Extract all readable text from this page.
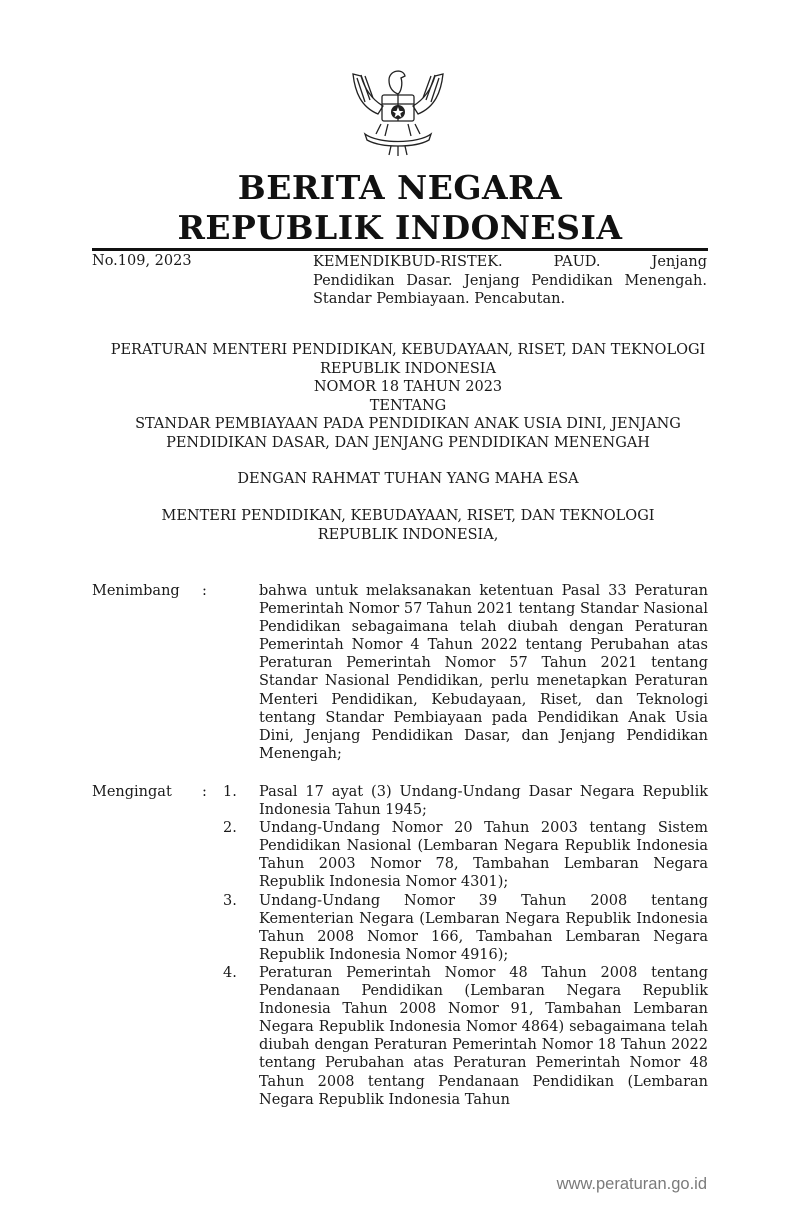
BERITA NEGARA
REPUBLIK INDONESIA
No.109, 2023	KEMENDIKBUD-RISTEK. PAUD. Jenjang
Pendidikan Dasar. Jenjang Pendidikan Menengah. Standar Pembiayaan. Pencabutan.
PERATURAN MENTERI PENDIDIKAN, KEBUDAYAAN, RISET, DAN TEKNOLOGI
REPUBLIK INDONESIA
NOMOR 18 TAHUN 2023
TENTANG
STANDAR PEMBIAYAAN PADA PENDIDIKAN ANAK USIA DINI, JENJANG
PENDIDIKAN DASAR, DAN JENJANG PENDIDIKAN MENENGAH
DENGAN RAHMAT TUHAN YANG MAHA ESA
MENTERI PENDIDIKAN, KEBUDAYAAN, RISET, DAN TEKNOLOGI
REPUBLIK INDONESIA,
Menimbang :	bahwa untuk melaksanakan ketentuan Pasal 33 Peraturan Pemerintah Nomor 57 Tahun 2021 tentang Standar Nasional Pendidikan sebagaimana telah diubah dengan Peraturan Pemerintah Nomor 4 Tahun 2022 tentang Perubahan atas Peraturan Pemerintah Nomor 57 Tahun 2021 tentang Standar Nasional Pendidikan, perlu menetapkan Peraturan Menteri Pendidikan, Kebudayaan, Riset, dan Teknologi tentang Standar Pembiayaan pada Pendidikan Anak Usia Dini, Jenjang Pendidikan Dasar, dan Jenjang Pendidikan Menengah;
Mengingat : 1. Pasal 17 ayat (3) Undang-Undang Dasar Negara Republik Indonesia Tahun 1945;
2. Undang-Undang Nomor 20 Tahun 2003 tentang Sistem Pendidikan Nasional (Lembaran Negara Republik Indonesia Tahun 2003 Nomor 78, Tambahan Lembaran Negara Republik Indonesia Nomor 4301);
3. Undang-Undang Nomor 39 Tahun 2008 tentang Kementerian Negara (Lembaran Negara Republik Indonesia Tahun 2008 Nomor 166, Tambahan Lembaran Negara Republik Indonesia Nomor 4916);
4. Peraturan Pemerintah Nomor 48 Tahun 2008 tentang Pendanaan Pendidikan (Lembaran Negara Republik Indonesia Tahun 2008 Nomor 91, Tambahan Lembaran Negara Republik Indonesia Nomor 4864) sebagaimana telah diubah dengan Peraturan Pemerintah Nomor 18 Tahun 2022 tentang Perubahan atas Peraturan Pemerintah Nomor 48 Tahun 2008 tentang Pendanaan Pendidikan (Lembaran Negara Republik Indonesia Tahun
www.peraturan.go.id
